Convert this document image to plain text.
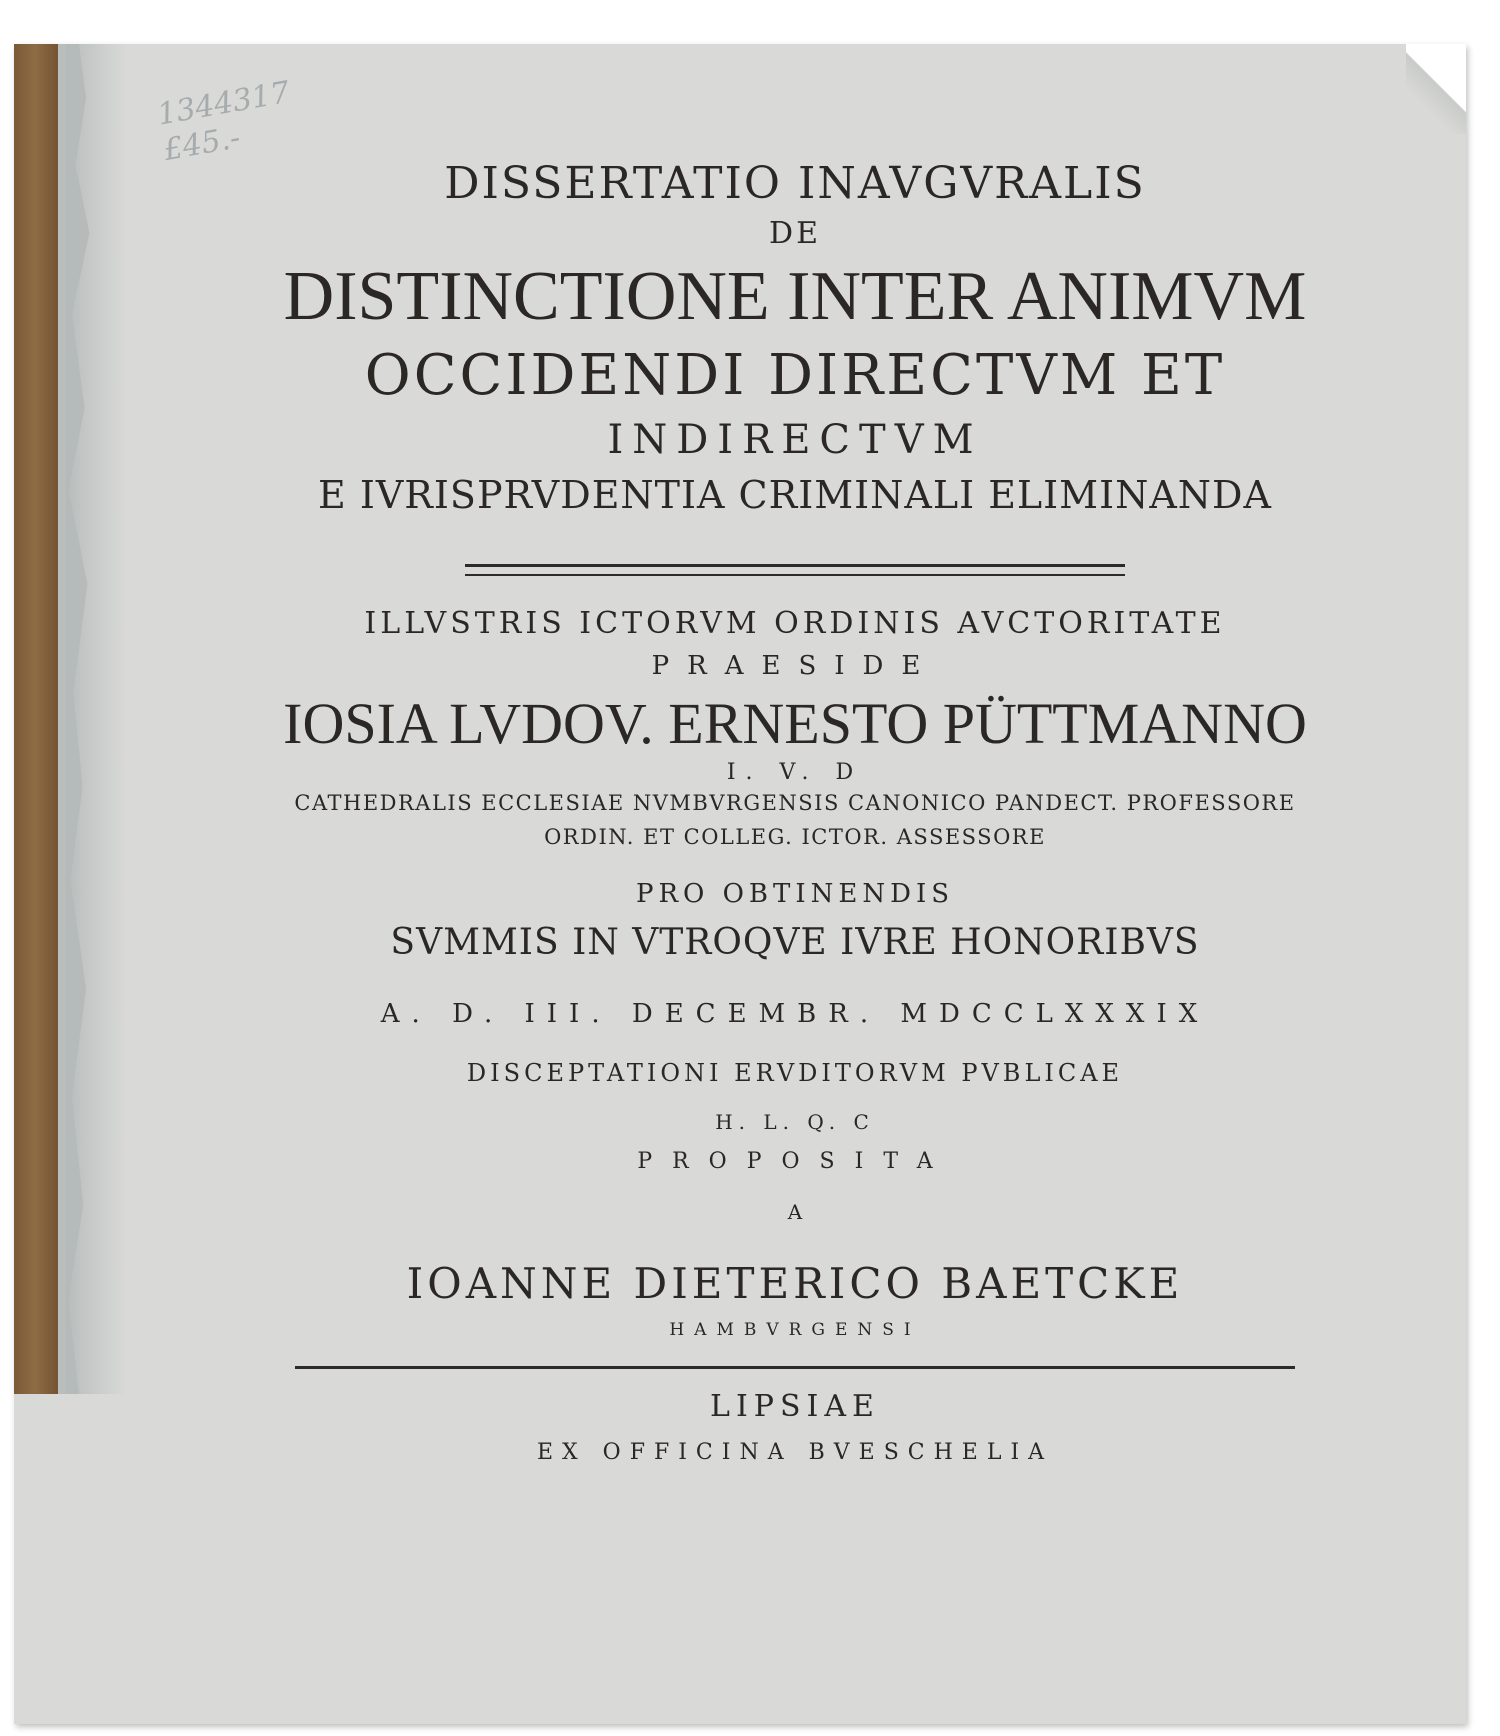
1344317
£45.-
DISSERTATIO INAVGVRALIS
DE
DISTINCTIONE INTER ANIMVM
OCCIDENDI DIRECTVM ET
INDIRECTVM
E IVRISPRVDENTIA CRIMINALI ELIMINANDA
ILLVSTRIS ICTORVM ORDINIS AVCTORITATE
PRAESIDE
IOSIA LVDOV. ERNESTO PÜTTMANNO
I. V. D
CATHEDRALIS ECCLESIAE NVMBVRGENSIS CANONICO PANDECT. PROFESSORE
ORDIN. ET COLLEG. ICTOR. ASSESSORE
PRO OBTINENDIS
SVMMIS IN VTROQVE IVRE HONORIBVS
A. D. III. DECEMBR. MDCCLXXXIX
DISCEPTATIONI ERVDITORVM PVBLICAE
H. L. Q. C
PROPOSITA
A
IOANNE DIETERICO BAETCKE
HAMBVRGENSI
LIPSIAE
EX OFFICINA BVESCHELIA
